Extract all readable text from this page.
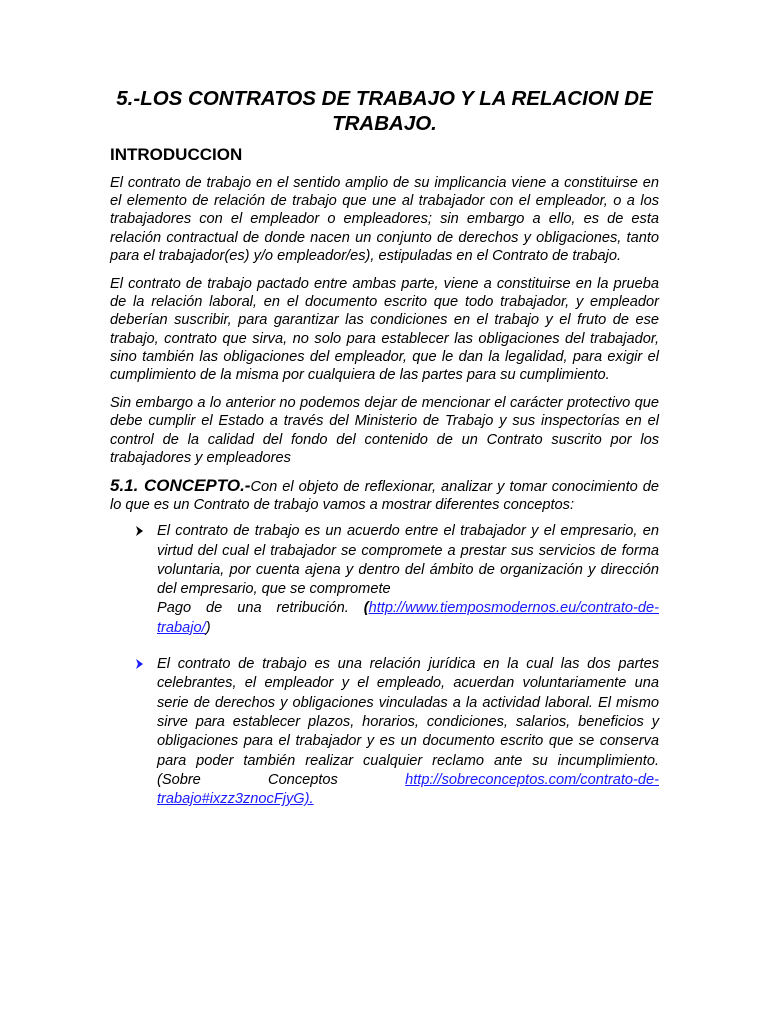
5.-LOS CONTRATOS DE TRABAJO Y LA RELACION DE TRABAJO.
INTRODUCCION

El contrato de trabajo en el sentido amplio de su implicancia viene a constituirse en el elemento de relación de trabajo que une al trabajador con el empleador, o a los trabajadores con el empleador o empleadores; sin embargo a ello, es de esta relación contractual de donde nacen un conjunto de derechos y obligaciones, tanto para el trabajador(es) y/o empleador/es), estipuladas en el Contrato de trabajo.

El contrato de trabajo pactado entre ambas parte, viene a constituirse en la prueba de la relación laboral, en el documento escrito que todo trabajador, y empleador deberían suscribir, para garantizar las condiciones en el trabajo y el fruto de ese trabajo, contrato que sirva, no solo para establecer las obligaciones del trabajador, sino también las obligaciones del empleador, que le dan la legalidad, para exigir el cumplimiento de la misma por cualquiera de las partes para su cumplimiento.

Sin embargo a lo anterior no podemos dejar de mencionar el carácter protectivo que debe cumplir el Estado a través del Ministerio de Trabajo y sus inspectorías en el control de la calidad del fondo del contenido de un Contrato suscrito por los trabajadores y empleadores

5.1. CONCEPTO.-Con el objeto de reflexionar, analizar y tomar conocimiento de lo que es un Contrato de trabajo vamos a mostrar diferentes conceptos:

El contrato de trabajo es un acuerdo entre el trabajador y el empresario, en virtud del cual el trabajador se compromete a prestar sus servicios de forma voluntaria, por cuenta ajena y dentro del ámbito de organización y dirección del empresario, que se compromete
Pago de una retribución. (http://www.tiemposmodernos.eu/contrato-de-trabajo/)
El contrato de trabajo es una relación jurídica en la cual las dos partes celebrantes, el empleador y el empleado, acuerdan voluntariamente una serie de derechos y obligaciones vinculadas a la actividad laboral. El mismo sirve para establecer plazos, horarios, condiciones, salarios, beneficios y obligaciones para el trabajador y es un documento escrito que se conserva para poder también realizar cualquier reclamo ante su incumplimiento. (Sobre Conceptos http://sobreconceptos.com/contrato-de-trabajo#ixzz3znocFjyG).
